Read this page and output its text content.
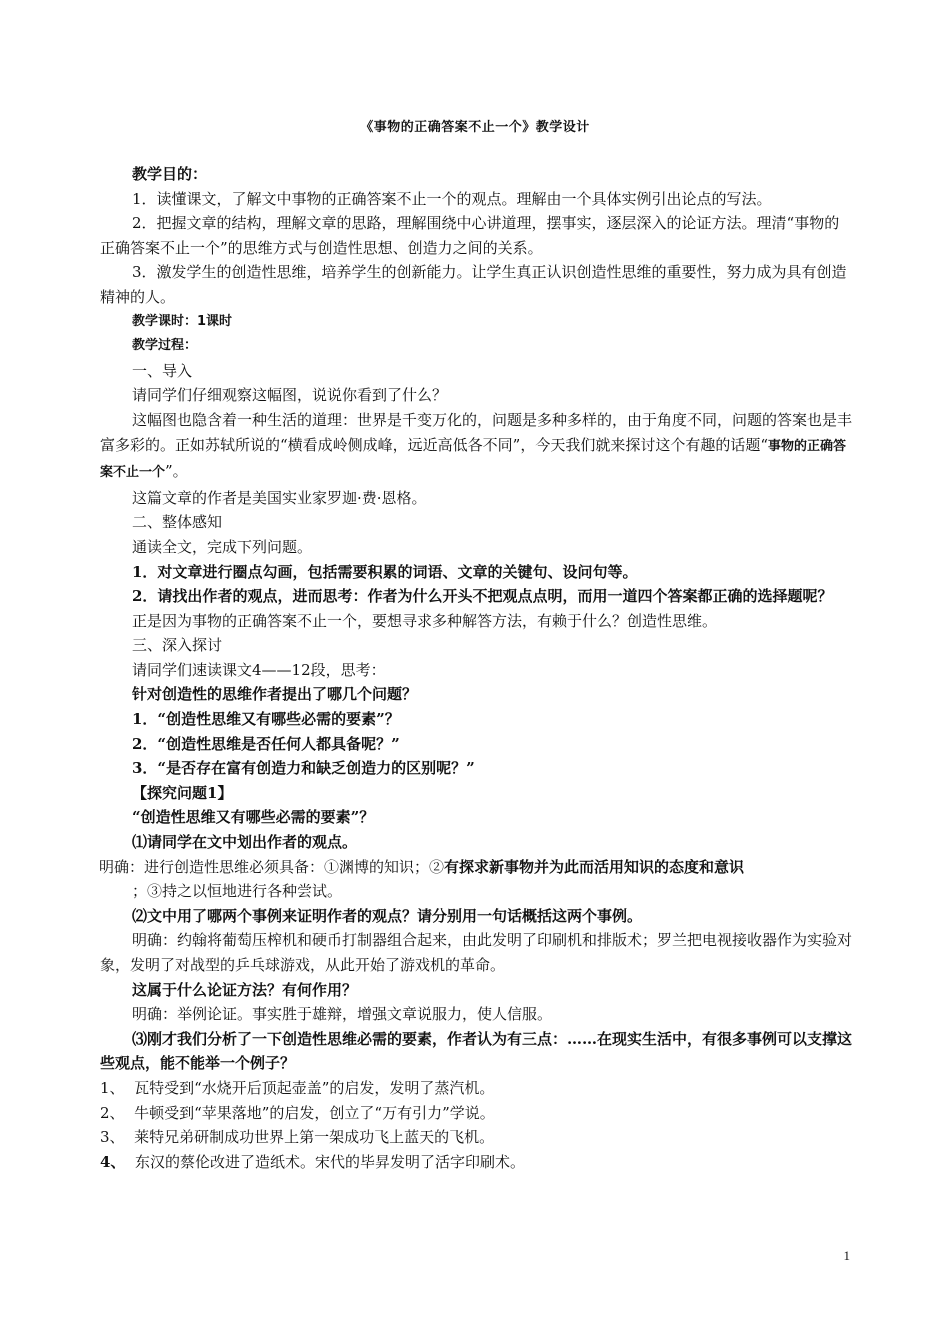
《事物的正确答案不止一个》教学设计

教学目的：

1．读懂课文，了解文中事物的正确答案不止一个的观点。理解由一个具体实例引出论点的写法。

2．把握文章的结构，理解文章的思路，理解围绕中心讲道理，摆事实，逐层深入的论证方法。理清“事物的正确答案不止一个”的思维方式与创造性思想、创造力之间的关系。

3．激发学生的创造性思维，培养学生的创新能力。让学生真正认识创造性思维的重要性，努力成为具有创造精神的人。

教学课时：1课时

教学过程：

一、导入

请同学们仔细观察这幅图，说说你看到了什么？

这幅图也隐含着一种生活的道理：世界是千变万化的，问题是多种多样的，由于角度不同，问题的答案也是丰富多彩的。正如苏轼所说的“横看成岭侧成峰，远近高低各不同”，今天我们就来探讨这个有趣的话题“事物的正确答案不止一个”。

这篇文章的作者是美国实业家罗迦·费·恩格。

二、整体感知

通读全文，完成下列问题。

1．对文章进行圈点勾画，包括需要积累的词语、文章的关键句、设问句等。

2．请找出作者的观点，进而思考：作者为什么开头不把观点点明，而用一道四个答案都正确的选择题呢？

正是因为事物的正确答案不止一个，要想寻求多种解答方法，有赖于什么？创造性思维。

三、深入探讨

请同学们速读课文4——12段，思考：

针对创造性的思维作者提出了哪几个问题？

1．“创造性思维又有哪些必需的要素”？

2．“创造性思维是否任何人都具备呢？”

3．“是否存在富有创造力和缺乏创造力的区别呢？”

【探究问题1】

“创造性思维又有哪些必需的要素”？

⑴请同学在文中划出作者的观点。

明确：进行创造性思维必须具备：①渊博的知识；②有探求新事物并为此而活用知识的态度和意识

；③持之以恒地进行各种尝试。

⑵文中用了哪两个事例来证明作者的观点？请分别用一句话概括这两个事例。

明确：约翰将葡萄压榨机和硬币打制器组合起来，由此发明了印刷机和排版术；罗兰把电视接收器作为实验对象，发明了对战型的乒乓球游戏，从此开始了游戏机的革命。

这属于什么论证方法？有何作用？

明确：举例论证。事实胜于雄辩，增强文章说服力，使人信服。

⑶刚才我们分析了一下创造性思维必需的要素，作者认为有三点：……在现实生活中，有很多事例可以支撑这些观点，能不能举一个例子？

1、 瓦特受到“水烧开后顶起壶盖”的启发，发明了蒸汽机。

2、 牛顿受到“苹果落地”的启发，创立了“万有引力”学说。

3、 莱特兄弟研制成功世界上第一架成功飞上蓝天的飞机。

4、 东汉的蔡伦改进了造纸术。宋代的毕昇发明了活字印刷术。

1
